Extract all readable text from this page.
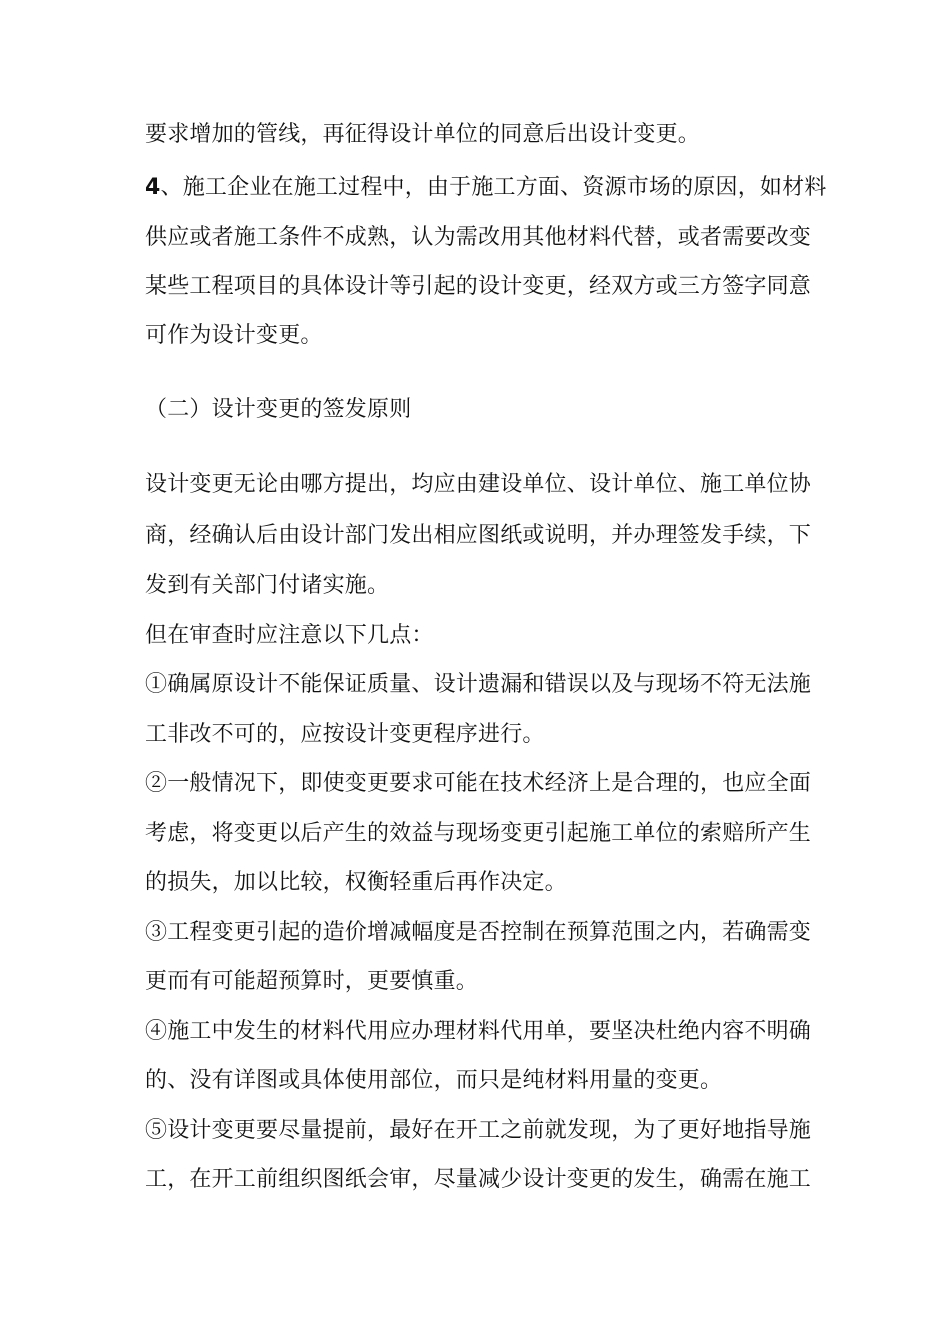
要求增加的管线，再征得设计单位的同意后出设计变更。
4、施工企业在施工过程中，由于施工方面、资源市场的原因，如材料
供应或者施工条件不成熟，认为需改用其他材料代替，或者需要改变
某些工程项目的具体设计等引起的设计变更，经双方或三方签字同意
可作为设计变更。
（二）设计变更的签发原则
设计变更无论由哪方提出，均应由建设单位、设计单位、施工单位协
商，经确认后由设计部门发出相应图纸或说明，并办理签发手续，下
发到有关部门付诸实施。
但在审查时应注意以下几点：
①确属原设计不能保证质量、设计遗漏和错误以及与现场不符无法施
工非改不可的，应按设计变更程序进行。
②一般情况下，即使变更要求可能在技术经济上是合理的，也应全面
考虑，将变更以后产生的效益与现场变更引起施工单位的索赔所产生
的损失，加以比较，权衡轻重后再作决定。
③工程变更引起的造价增减幅度是否控制在预算范围之内，若确需变
更而有可能超预算时，更要慎重。
④施工中发生的材料代用应办理材料代用单，要坚决杜绝内容不明确
的、没有详图或具体使用部位，而只是纯材料用量的变更。
⑤设计变更要尽量提前，最好在开工之前就发现，为了更好地指导施
工，在开工前组织图纸会审，尽量减少设计变更的发生，确需在施工
